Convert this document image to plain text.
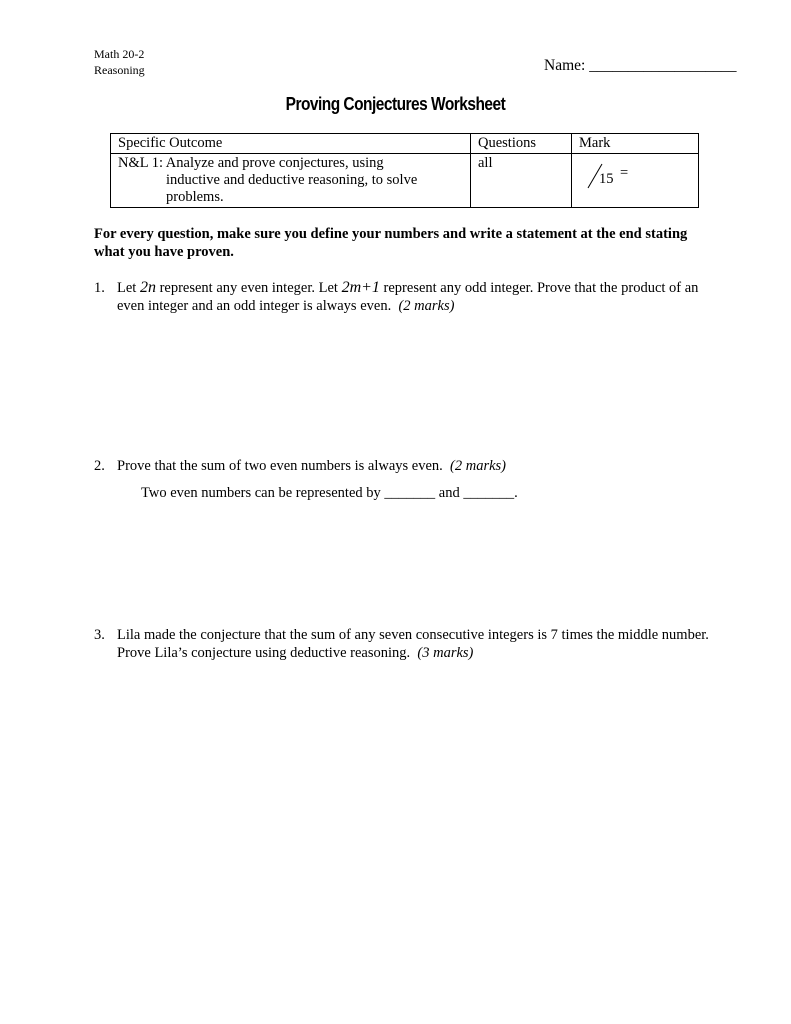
Math 20-2
Reasoning	Name: ___________________
Proving Conjectures Worksheet
Specific Outcome	Questions	Mark
N&L 1: Analyze and prove conjectures, using
inductive and deductive reasoning, to solve
problems.	all	15 =
For every question, make sure you define your numbers and write a statement at the end stating what you have proven.
1. Let 2n represent any even integer. Let 2m+1 represent any odd integer. Prove that the product of an even integer and an odd integer is always even. (2 marks)
2. Prove that the sum of two even numbers is always even. (2 marks)
Two even numbers can be represented by _______ and _______.
3. Lila made the conjecture that the sum of any seven consecutive integers is 7 times the middle number. Prove Lila’s conjecture using deductive reasoning. (3 marks)
